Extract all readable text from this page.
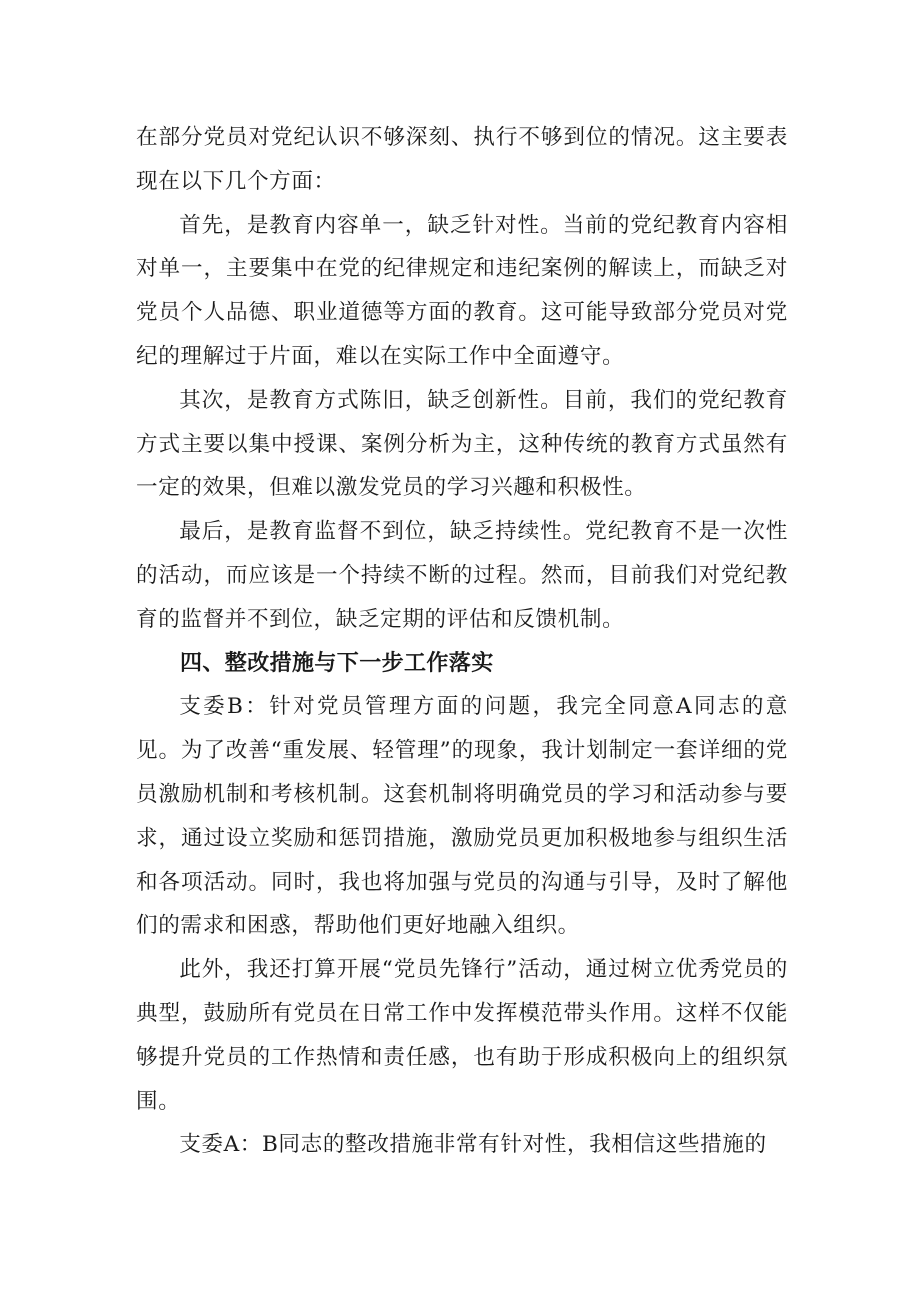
在部分党员对党纪认识不够深刻、执行不够到位的情况。这主要表现在以下几个方面：

首先，是教育内容单一，缺乏针对性。当前的党纪教育内容相对单一，主要集中在党的纪律规定和违纪案例的解读上，而缺乏对党员个人品德、职业道德等方面的教育。这可能导致部分党员对党纪的理解过于片面，难以在实际工作中全面遵守。

其次，是教育方式陈旧，缺乏创新性。目前，我们的党纪教育方式主要以集中授课、案例分析为主，这种传统的教育方式虽然有一定的效果，但难以激发党员的学习兴趣和积极性。

最后，是教育监督不到位，缺乏持续性。党纪教育不是一次性的活动，而应该是一个持续不断的过程。然而，目前我们对党纪教育的监督并不到位，缺乏定期的评估和反馈机制。

四、整改措施与下一步工作落实

支委B：针对党员管理方面的问题，我完全同意A同志的意见。为了改善“重发展、轻管理”的现象，我计划制定一套详细的党员激励机制和考核机制。这套机制将明确党员的学习和活动参与要求，通过设立奖励和惩罚措施，激励党员更加积极地参与组织生活和各项活动。同时，我也将加强与党员的沟通与引导，及时了解他们的需求和困惑，帮助他们更好地融入组织。

此外，我还打算开展“党员先锋行”活动，通过树立优秀党员的典型，鼓励所有党员在日常工作中发挥模范带头作用。这样不仅能够提升党员的工作热情和责任感，也有助于形成积极向上的组织氛围。

支委A：B同志的整改措施非常有针对性，我相信这些措施的
